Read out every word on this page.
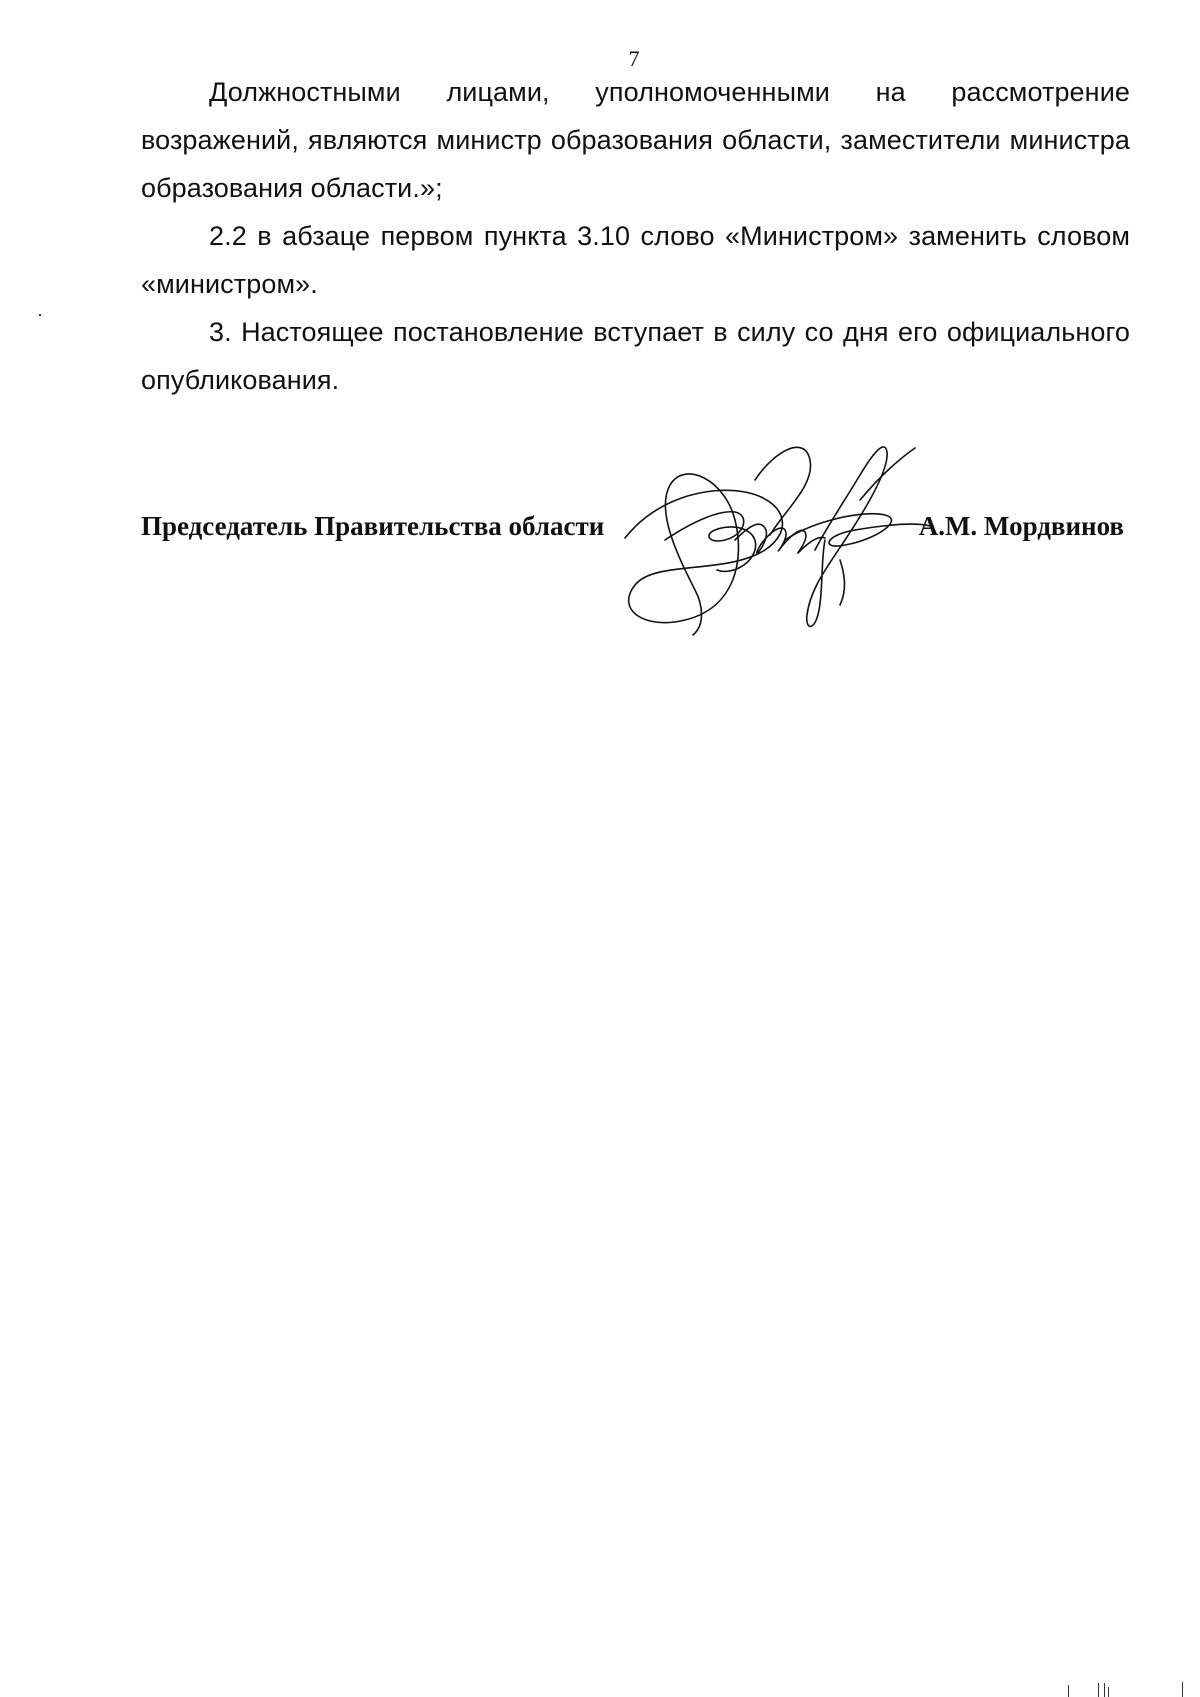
7

Должностными лицами, уполномоченными на рассмотрение возражений, являются министр образования области, заместители министра образования области.»;

2.2 в абзаце первом пункта 3.10 слово «Министром» заменить словом «министром».

3. Настоящее постановление вступает в силу со дня его официального опубликования.

Председатель Правительства области	А.М. Мордвинов
